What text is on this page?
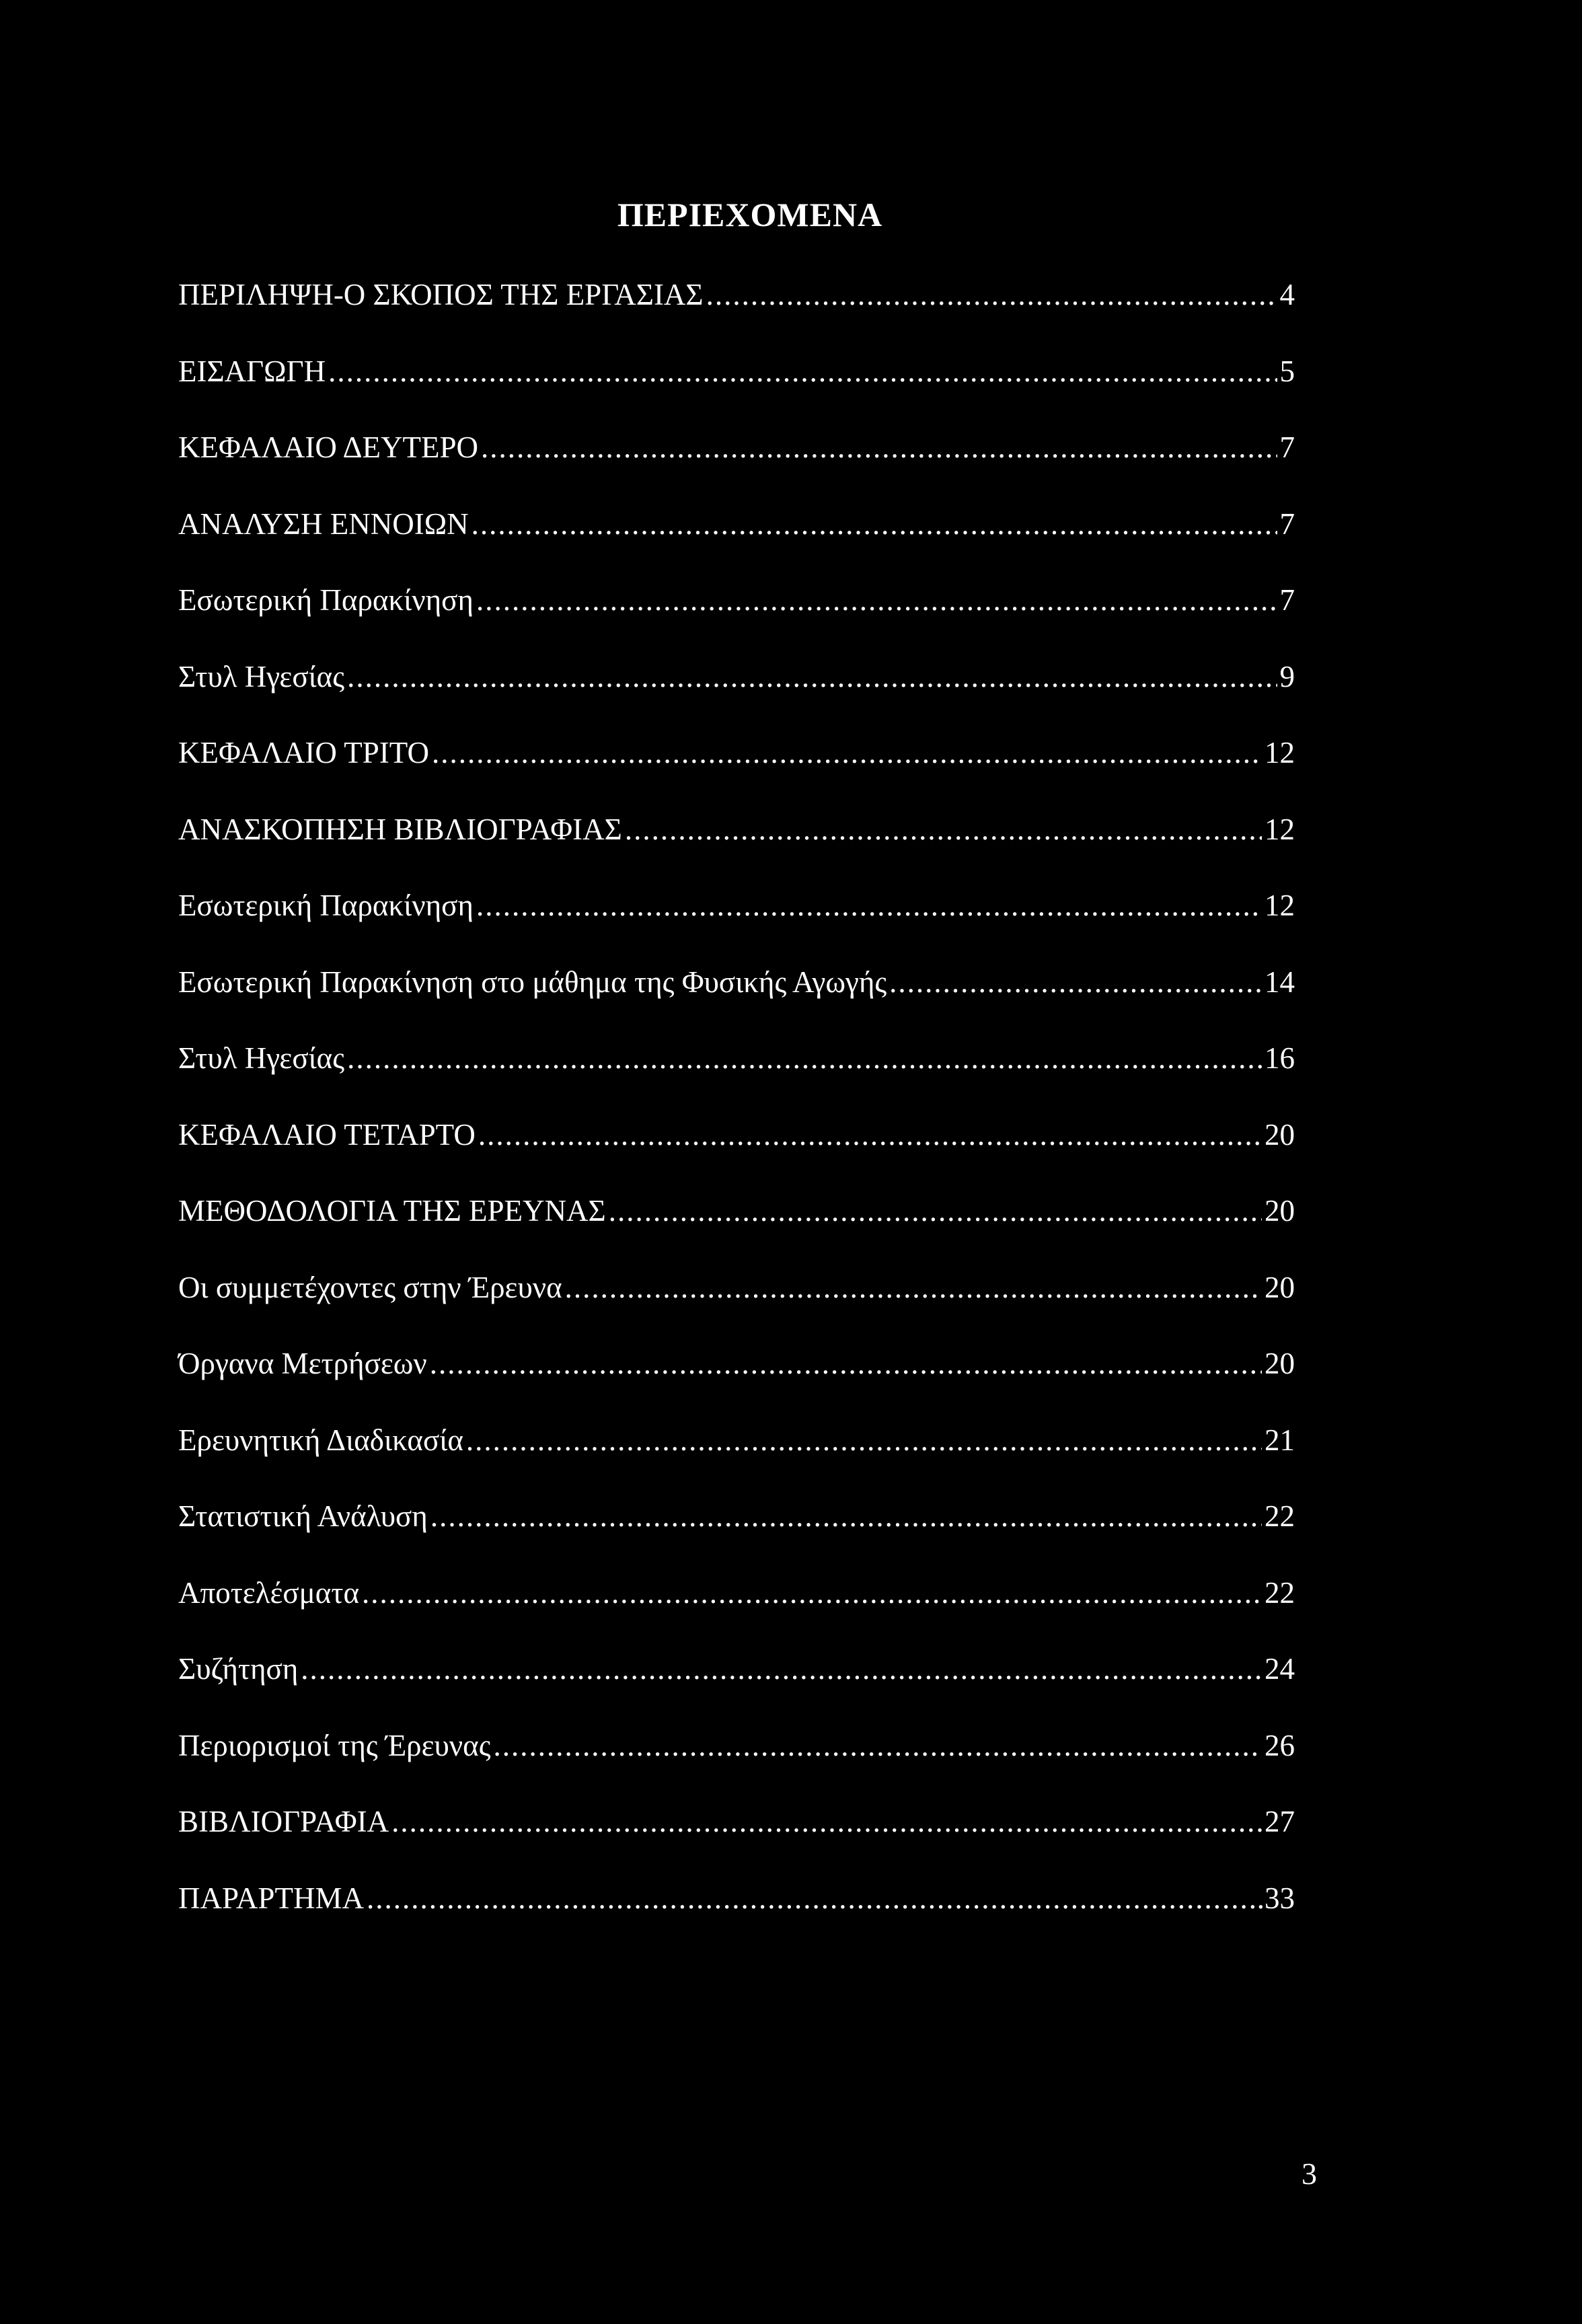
ΠΕΡΙΕΧΟΜΕΝΑ
ΠΕΡΙΛΗΨΗ-Ο ΣΚΟΠΟΣ ΤΗΣ ΕΡΓΑΣΙΑΣ .....	4
ΕΙΣΑΓΩΓΗ .....	5
ΚΕΦΑΛΑΙΟ ΔΕΥΤΕΡΟ .....	7
ΑΝΑΛΥΣΗ ΕΝΝΟΙΩΝ .....	7
Εσωτερική Παρακίνηση .....	7
Στυλ Ηγεσίας .....	9
ΚΕΦΑΛΑΙΟ ΤΡΙΤΟ .....	12
ΑΝΑΣΚΟΠΗΣΗ ΒΙΒΛΙΟΓΡΑΦΙΑΣ .....	12
Εσωτερική Παρακίνηση .....	12
Εσωτερική Παρακίνηση στο μάθημα της Φυσικής Αγωγής .....	14
Στυλ Ηγεσίας .....	16
ΚΕΦΑΛΑΙΟ ΤΕΤΑΡΤΟ .....	20
ΜΕΘΟΔΟΛΟΓΙΑ ΤΗΣ ΕΡΕΥΝΑΣ .....	20
Οι συμμετέχοντες στην Έρευνα .....	20
Όργανα Μετρήσεων .....	20
Ερευνητική Διαδικασία .....	21
Στατιστική Ανάλυση .....	22
Αποτελέσματα .....	22
Συζήτηση .....	24
Περιορισμοί της Έρευνας .....	26
ΒΙΒΛΙΟΓΡΑΦΙΑ .....	27
ΠΑΡΑΡΤΗΜΑ .....	.33
3
